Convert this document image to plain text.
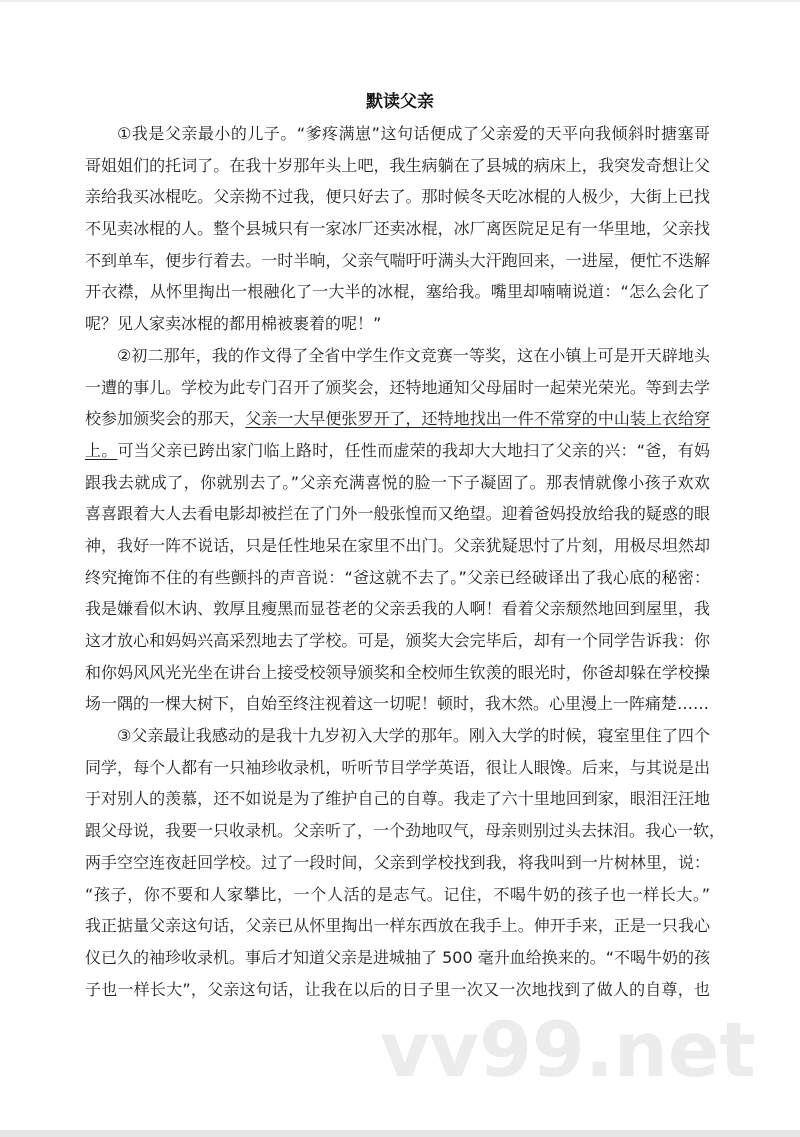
vv99.net
默读父亲
①我是父亲最小的儿子。“爹疼满崽”这句话便成了父亲爱的天平向我倾斜时搪塞哥
哥姐姐们的托词了。在我十岁那年头上吧，我生病躺在了县城的病床上，我突发奇想让父
亲给我买冰棍吃。父亲拗不过我，便只好去了。那时候冬天吃冰棍的人极少，大街上已找
不见卖冰棍的人。整个县城只有一家冰厂还卖冰棍，冰厂离医院足足有一华里地，父亲找
不到单车，便步行着去。一时半晌，父亲气喘吁吁满头大汗跑回来，一进屋，便忙不迭解
开衣襟，从怀里掏出一根融化了一大半的冰棍，塞给我。嘴里却喃喃说道：“怎么会化了
呢？见人家卖冰棍的都用棉被裹着的呢！”
②初二那年，我的作文得了全省中学生作文竞赛一等奖，这在小镇上可是开天辟地头
一遭的事儿。学校为此专门召开了颁奖会，还特地通知父母届时一起荣光荣光。等到去学
校参加颁奖会的那天，父亲一大早便张罗开了，还特地找出一件不常穿的中山装上衣给穿
上。可当父亲已跨出家门临上路时，任性而虚荣的我却大大地扫了父亲的兴：“爸，有妈
跟我去就成了，你就别去了。”父亲充满喜悦的脸一下子凝固了。那表情就像小孩子欢欢
喜喜跟着大人去看电影却被拦在了门外一般张惶而又绝望。迎着爸妈投放给我的疑惑的眼
神，我好一阵不说话，只是任性地呆在家里不出门。父亲犹疑思忖了片刻，用极尽坦然却
终究掩饰不住的有些颤抖的声音说：“爸这就不去了。”父亲已经破译出了我心底的秘密：
我是嫌看似木讷、敦厚且瘦黑而显苍老的父亲丢我的人啊！看着父亲颓然地回到屋里，我
这才放心和妈妈兴高采烈地去了学校。可是，颁奖大会完毕后，却有一个同学告诉我：你
和你妈风风光光坐在讲台上接受校领导颁奖和全校师生钦羡的眼光时，你爸却躲在学校操
场一隅的一棵大树下，自始至终注视着这一切呢！顿时，我木然。心里漫上一阵痛楚……
③父亲最让我感动的是我十九岁初入大学的那年。刚入大学的时候，寝室里住了四个
同学，每个人都有一只袖珍收录机，听听节目学学英语，很让人眼馋。后来，与其说是出
于对别人的羡慕，还不如说是为了维护自己的自尊。我走了六十里地回到家，眼泪汪汪地
跟父母说，我要一只收录机。父亲听了，一个劲地叹气，母亲则别过头去抹泪。我心一软，
两手空空连夜赶回学校。过了一段时间，父亲到学校找到我，将我叫到一片树林里，说：
“孩子，你不要和人家攀比，一个人活的是志气。记住，不喝牛奶的孩子也一样长大。”
我正掂量父亲这句话，父亲已从怀里掏出一样东西放在我手上。伸开手来，正是一只我心
仪已久的袖珍收录机。事后才知道父亲是进城抽了 500 毫升血给换来的。“不喝牛奶的孩
子也一样长大”，父亲这句话，让我在以后的日子里一次又一次地找到了做人的自尊，也
